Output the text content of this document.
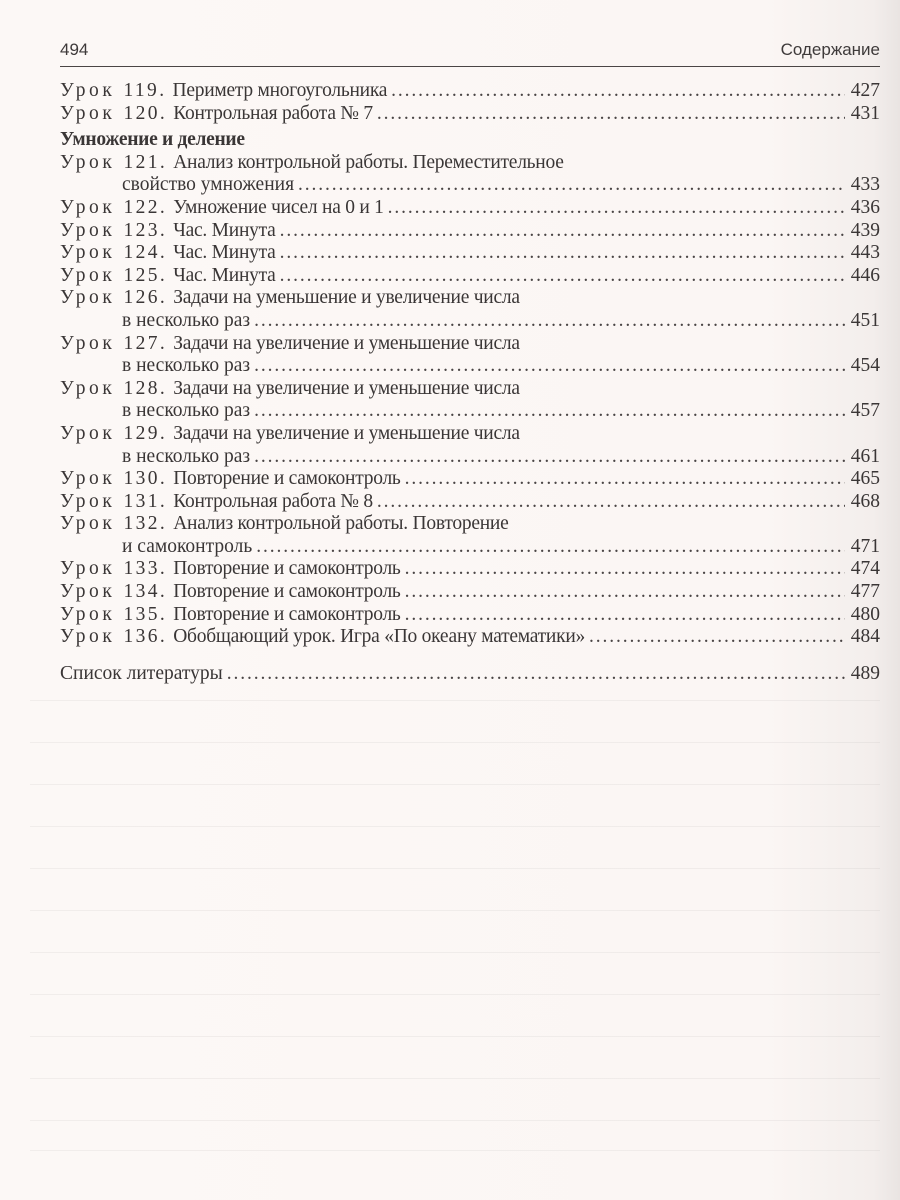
494	Содержание
Урок 119. Периметр многоугольника . . .	427
Урок 120. Контрольная работа № 7 . . .	431
Умножение и деление
Урок 121. Анализ контрольной работы. Переместительное
свойство умножения . . .	433
Урок 122. Умножение чисел на 0 и 1 . . .	436
Урок 123. Час. Минута . . .	439
Урок 124. Час. Минута . . .	443
Урок 125. Час. Минута . . .	446
Урок 126. Задачи на уменьшение и увеличение числа
в несколько раз . . .	451
Урок 127. Задачи на увеличение и уменьшение числа
в несколько раз . . .	454
Урок 128. Задачи на увеличение и уменьшение числа
в несколько раз . . .	457
Урок 129. Задачи на увеличение и уменьшение числа
в несколько раз . . .	461
Урок 130. Повторение и самоконтроль . . .	465
Урок 131. Контрольная работа № 8 . . .	468
Урок 132. Анализ контрольной работы. Повторение
и самоконтроль . . .	471
Урок 133. Повторение и самоконтроль . . .	474
Урок 134. Повторение и самоконтроль . . .	477
Урок 135. Повторение и самоконтроль . . .	480
Урок 136. Обобщающий урок. Игра «По океану математики» . . .	484
Список литературы . . .	489
